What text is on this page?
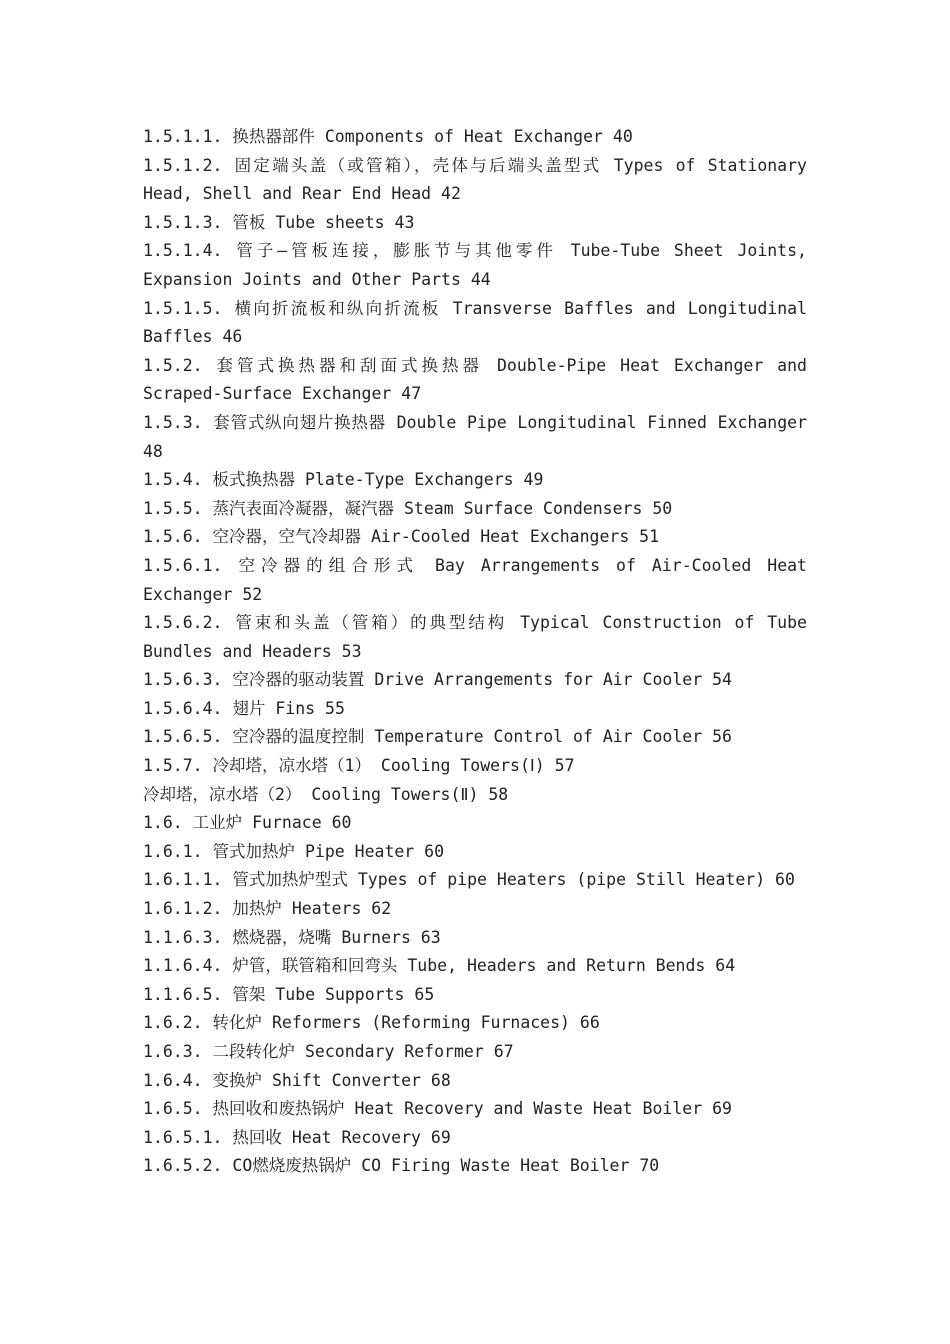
1.5.1.1. 换热器部件 Components of Heat Exchanger 40
1.5.1.2. 固定端头盖（或管箱），壳体与后端头盖型式 Types of Stationary Head, Shell and Rear End Head 42
1.5.1.3. 管板 Tube sheets 43
1.5.1.4. 管子—管板连接，膨胀节与其他零件 Tube-Tube Sheet Joints, Expansion Joints and Other Parts 44
1.5.1.5. 横向折流板和纵向折流板 Transverse Baffles and Longitudinal Baffles 46
1.5.2. 套管式换热器和刮面式换热器 Double-Pipe Heat Exchanger and Scraped-Surface Exchanger 47
1.5.3. 套管式纵向翅片换热器 Double Pipe Longitudinal Finned Exchanger 48
1.5.4. 板式换热器 Plate-Type Exchangers 49
1.5.5. 蒸汽表面冷凝器，凝汽器 Steam Surface Condensers 50
1.5.6. 空冷器，空气冷却器 Air-Cooled Heat Exchangers 51
1.5.6.1. 空冷器的组合形式 Bay Arrangements of Air-Cooled Heat Exchanger 52
1.5.6.2. 管束和头盖（管箱）的典型结构 Typical Construction of Tube Bundles and Headers 53
1.5.6.3. 空冷器的驱动装置 Drive Arrangements for Air Cooler 54
1.5.6.4. 翅片 Fins 55
1.5.6.5. 空冷器的温度控制 Temperature Control of Air Cooler 56
1.5.7. 冷却塔，凉水塔（1） Cooling Towers(Ⅰ) 57
冷却塔，凉水塔（2） Cooling Towers(Ⅱ) 58
1.6. 工业炉 Furnace 60
1.6.1. 管式加热炉 Pipe Heater 60
1.6.1.1. 管式加热炉型式 Types of pipe Heaters (pipe Still Heater) 60
1.6.1.2. 加热炉 Heaters 62
1.1.6.3. 燃烧器，烧嘴 Burners 63
1.1.6.4. 炉管，联管箱和回弯头 Tube, Headers and Return Bends 64
1.1.6.5. 管架 Tube Supports 65
1.6.2. 转化炉 Reformers (Reforming Furnaces) 66
1.6.3. 二段转化炉 Secondary Reformer 67
1.6.4. 变换炉 Shift Converter 68
1.6.5. 热回收和废热锅炉 Heat Recovery and Waste Heat Boiler 69
1.6.5.1. 热回收 Heat Recovery 69
1.6.5.2. CO燃烧废热锅炉 CO Firing Waste Heat Boiler 70
